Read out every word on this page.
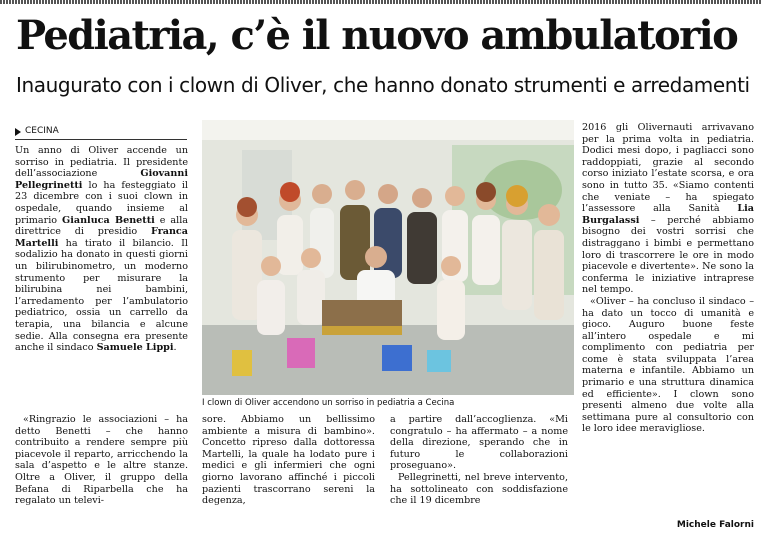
Pediatria, c’è il nuovo ambulatorio
Inaugurato con i clown di Oliver, che hanno donato strumenti e arredamenti
CECINA

Un anno di Oliver accende un sorriso in pediatria. Il presidente dell’associazione Giovanni Pellegrinetti lo ha festeggiato il 23 dicembre con i suoi clown in ospedale, quando insieme al primario Gianluca Benetti e alla direttrice di presidio Franca Martelli ha tirato il bilancio. Il sodalizio ha donato in questi giorni un bilirubinometro, un moderno strumento per misurare la bilirubina nei bambini, l’arredamento per l’ambulatorio pediatrico, ossia un carrello da terapia, una bilancia e alcune sedie. Alla consegna era presente anche il sindaco Samuele Lippi.

«Ringrazio le associazioni – ha detto Benetti – che hanno contribuito a rendere sempre più piacevole il reparto, arricchendo la sala d’aspetto e le altre stanze. Oltre a Oliver, il gruppo della Befana di Riparbella che ha regalato un televi-

I clown di Oliver accendono un sorriso in pediatria a Cecina

sore. Abbiamo un bellissimo ambiente a misura di bambino». Concetto ripreso dalla dottoressa Martelli, la quale ha lodato pure i medici e gli infermieri che ogni giorno lavorano affinché i piccoli pazienti trascorrano sereni la degenza,

a partire dall’accoglienza. «Mi congratulo – ha affermato – a nome della direzione, sperando che in futuro le collaborazioni proseguano».

Pellegrinetti, nel breve intervento, ha sottolineato con soddisfazione che il 19 dicembre

2016 gli Olivernauti arrivavano per la prima volta in pediatria. Dodici mesi dopo, i pagliacci sono raddoppiati, grazie al secondo corso iniziato l’estate scorsa, e ora sono in tutto 35. «Siamo contenti che veniate – ha spiegato l’assessore alla Sanità Lia Burgalassi – perché abbiamo bisogno dei vostri sorrisi che distraggano i bimbi e permettano loro di trascorrere le ore in modo piacevole e divertente». Ne sono la conferma le iniziative intraprese nel tempo.

«Oliver – ha concluso il sindaco – ha dato un tocco di umanità e gioco. Auguro buone feste all’intero ospedale e mi complimento con pediatria per come è stata sviluppata l’area materna e infantile. Abbiamo un primario e una struttura dinamica ed efficiente». I clown sono presenti almeno due volte alla settimana pure al consultorio con le loro idee meravigliose.

Michele Falorni
